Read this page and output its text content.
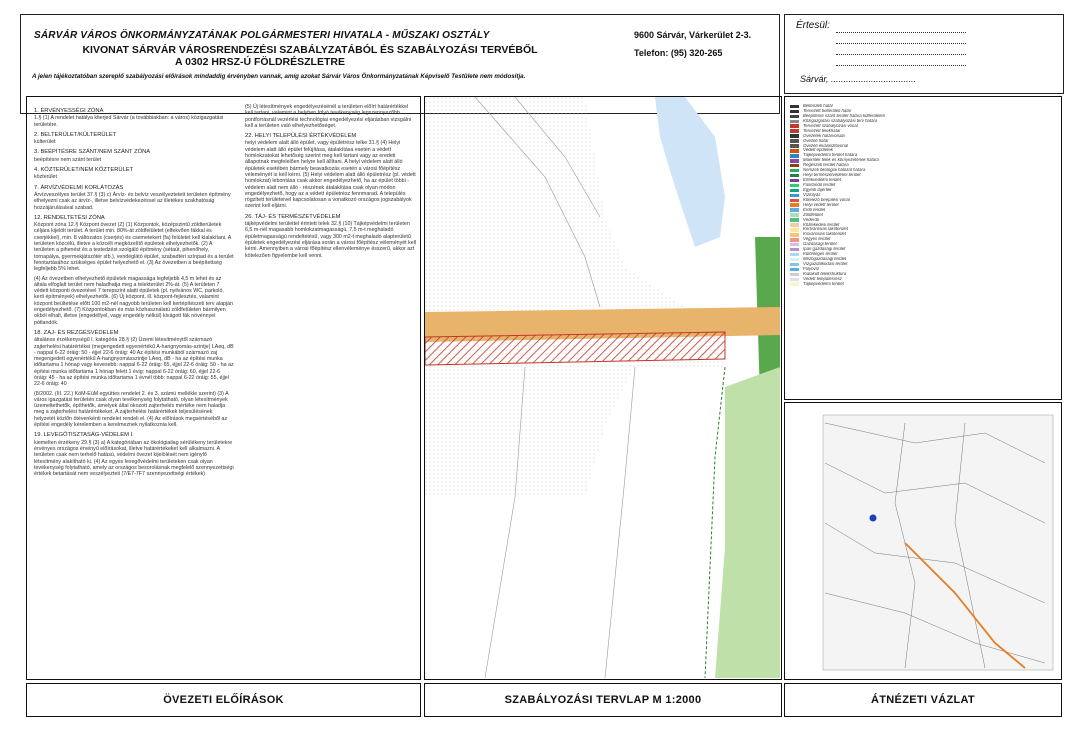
SÁRVÁR VÁROS ÖNKORMÁNYZATÁNAK POLGÁRMESTERI HIVATALA - MŰSZAKI OSZTÁLY
KIVONAT SÁRVÁR VÁROSRENDEZÉSI SZABÁLYZATÁBÓL ÉS SZABÁLYOZÁSI TERVÉBŐL
A 0302 HRSZ-Ú FÖLDRÉSZLETRE
9600 Sárvár, Várkerület 2-3.
Telefon: (95) 320-265
A jelen tájékoztatóban szereplő szabályozási előírások mindaddig érvényben vannak, amíg azokat Sárvár Város Önkormányzatának Képviselő Testülete nem módosítja.
Értesül:
Sárvár, ..................................
1. ÉRVÉNYESSÉGI ZÓNA

1.§ (1) A rendelet hatálya kiterjed Sárvár (a továbbiakban: a város) közigazgatási területére.

2. BELTERÜLET/KÜLTERÜLET

külterület

3. BEÉPÍTÉSRE SZÁNT/NEM SZÁNT ZÓNA

beépítésre nem szánt terület

4. KÖZTERÜLET/NEM KÖZTERÜLET

közterület

7. ÁRVÍZVÉDELMI KORLÁTOZÁS

Árvízveszélyes terület 37.§ (3) c) Árvíz- és belvíz veszélyeztetett területen építmény elhelyezni csak az árvíz-, illetve belvízvédekezéssel az illetékes szakhatóság hozzájárulásával szabad.

12. RENDELTETÉSI ZÓNA

Központ zóna 12.§ Központ övezet (Z) (1) Központok, középszintű zöldterületek céljára kijelölt terület. A terület min. 80%-át zöldfelületet (elfekvően fákkal és cserjékkel), min. 8 változatos (cserjés) és csemetekert (fa) felületet kell kialakítani. A területen közcélú, illetve a közcélt megközelítő épületek elhelyezhetők. (2) A területen a pihenést és a testedzést szolgáló építmény (sétaút, pihenőhely, tornapálya, gyermekjátszótér stb.), vendéglátó épület, szabadtéri színpad és a terület fenntartásához szükséges épület helyezhető el. (3) Az övezetben a beépítettség legfeljebb 5% lehet.

(4) Az övezetben elhelyezhető épületek magassága legfeljebb 4,5 m lehet és az általa elfoglalt terület nem haladhatja meg a telekterület 2%-át. (5) A területen 7 védett központi övezetével 7 terepszint alatti épületek (pl. nyilvános WC, parkoló, kerti építmények) elhelyezhetők. (6) Új központ, ill. központ-fejlesztés, valamint központ beültetése előtt 100 m2-nél nagyobb területen kell kertépítészeti terv alapján engedélyezhető. (7) Központokban és más közhasználatú zöldfelületen bármilyen okból elhalt, illetve (engedéllyel, vagy engedély nélkül) kivágott fák növénnyel pótlandók.

18. ZAJ- ÉS REZGÉSVÉDELEM

általános érzékenységű I. kategória 28.§ (2) Üzemi létesítménytől származó zajterhelési határértékei (megengedett egyenértékű A-hangnyomás-szintje) LAeq, dB - nappal 6-22 óráig: 50 - éjjel 22-6 óráig: 40 Az építési munkából származó zaj megengedett egyenértékű A-hangnyomásszintje LAeq, dB - ha az építési munka időtartama 1 hónap vagy kevesebb: nappal 6-22 óráig: 65, éjjel 22-6 óráig: 50 - ha az építési munka időtartama 1 hónap felett 1 évig: nappal 6-22 óráig: 60, éjjel 22-6 óráig: 45 - ha az építési munka időtartama 1 évnél több: nappal 6-22 óráig: 55, éjjel 22-6 óráig: 40

(8/2002. (III. 22.) KöM-EüM együttes rendelet 2. és 3. számú mellékle szerint) (3) A város igazgatási területén csak olyan tevékenység folytatható, olyan létesítmények üzemeltethetők, építhetők, amelyek által okozott zajterhelés mértéke nem haladja meg a zajterhelési határértékeket. A zajterhelési határértékek teljesülésének helyzetét közlőn ötévenkénti rendelet rendeli el. (4) Az előírások megsértéséből az építési engedély kérelemben a kerelmeznek nyilatkoznia kell.

19. LEVEGŐTISZTASÁG-VÉDELEM I.

kiemelten érzékeny 29.§ (3) a) A kategóriában az ökológiailag sérülékeny területekre érvényes országos érvényű előírásokat, illetve határértékeket kell alkalmazni. A területen csak nem terhelő hatású, védelmi övezet kijelölését nem igénylő létesítmény alakítható ki. (4) Az egyes levegővédelmi területeken csak olyan tevékenység folytatható, amely az országos besorolásnak megfelelő szennyezettségi értékek betartását nem veszélyezteti (7/E7-7F7 szennyezettségi értékek)

(5) Új létesítmények engedélyezésénél a területen előírt határértékkel kell tartani, valamint a helyben folyó tevékenység legszennyezőbb pontforrásnál vezérlési technológiai engedélyezési eljárásban vizsgálni kell a területen való elhelyezhetőséget.

22. HELYI TELEPÜLÉSI ÉRTÉKVÉDELEM

helyi védelem alatt álló épület, vagy épületrész telke 31.§ (4) Helyi védelem alatt álló épület felújítása, átalakítása esetén a védett homlokzatokat lehetőség szerint meg kell tartani vagy az eredeti állapotnak megfelelően helyre kell állítani. A helyi védelem alatt álló épületek esetében bármely beavatkozás esetén a városi főépítész véleményét is kell kérni. (5) Helyi védelem alatt álló épületrész (pl. védett homlokzat) lebontása csak akkor engedélyezhető, ha az épület többi - védelem alatt nem álló - részének átalakítása csak olyan módon engedélyezhető, hogy az a védett épületrész fennmarad. A település rögzített területeivel kapcsolatosan a vonatkozó országos jogszabályok szerint kell eljárni.

26. TÁJ- ÉS TERMÉSZETVÉDELEM

tájképvédelmi területtel érintett telek 32.§ (10) Tájképvédelmi területen 6,5 m-nél magasabb homlokzatmagasságú, 7,5 m-t meghaladó épületmagasságú rendeltetésű, vagy 300 m2-t meghaladó alapterületű épületek engedélyezési eljárása során a városi főépítész véleményét kell kérni. Amennyiben a városi főépítész ellenvéleménye ésszerű, akkor azt kötelezően figyelembe kell venni.

Belterületi határ
Tervezett belterületi határ
Beépítésre szánt terület határa külterületen
Közigazgatási szabályozási terv határa
Tervezett szabályozási vonal
Tervezett telekhatár
Övezetek határvonala
Övezeti határ
Övezeti elválasztóvonal
Védett épületek
Tájképvédelmi terület határa
Műemlék telek és környezetének határa
Régészeti terület határa
Nemzeti ökológiai hálózat határa
Helyi természetvédelmi terület
Értékvédelmi terület
Fásítandó terület
Egyedi tájérték
Vízfolyás
Kötelező beépítési vonal
Helyi védett terület
Erdő terület
Zöldfelület
Véderdő
Közlekedési terület
Kertvárosias lakóterület
Kisvárosias lakóterület
Vegyes terület
Gazdasági terület
Ipari gazdasági terület
Különleges terület
Mezőgazdasági terület
Vízgazdálkodási terület
Folyóvíz
Kialakult telekstruktúra
Védett településrész
Tájképvédelmi terület
ÖVEZETI ELŐÍRÁSOK	SZABÁLYOZÁSI TERVLAP M 1:2000	ÁTNÉZETI VÁZLAT
